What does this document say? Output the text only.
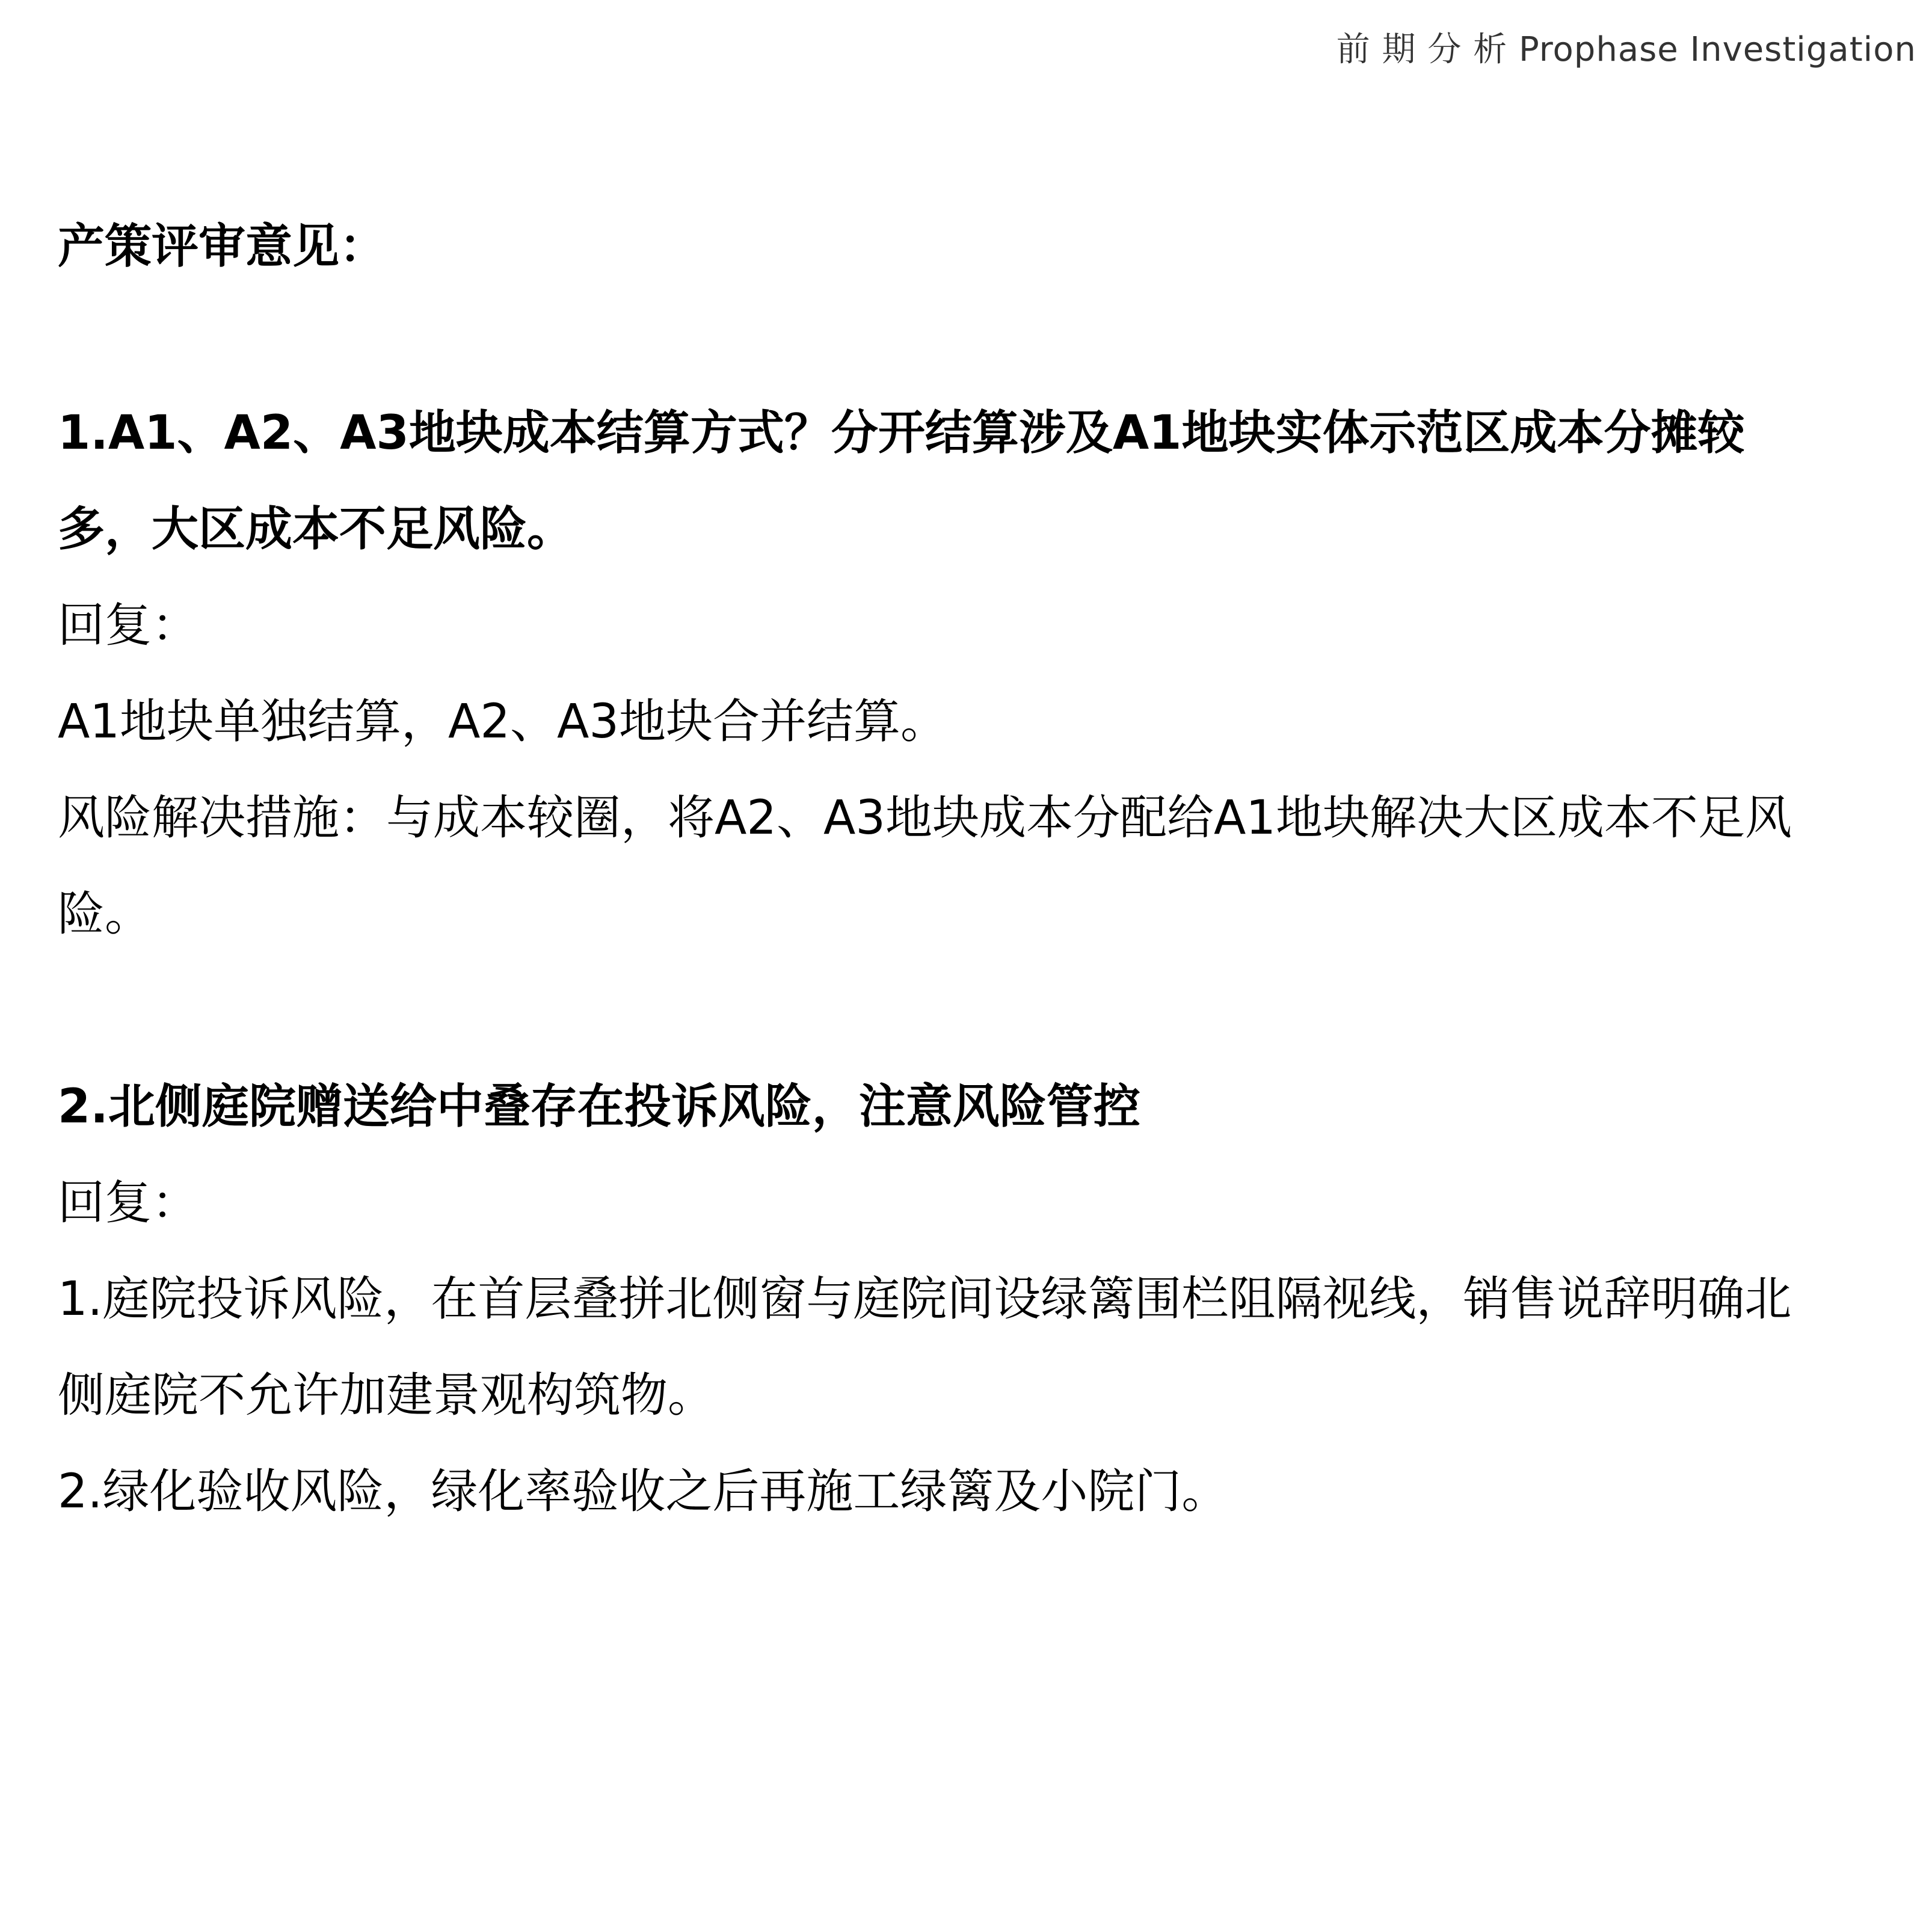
前 期 分 析 Prophase Investigation

产策评审意见：

1.A1、A2、A3地块成本结算方式？分开结算涉及A1地块实体示范区成本分摊较多，大区成本不足风险。

回复：

A1地块单独结算，A2、A3地块合并结算。

风险解决措施：与成本较圈，将A2、A3地块成本分配给A1地块解决大区成本不足风险。

2.北侧庭院赠送给中叠存在投诉风险，注意风险管控

回复：

1.庭院投诉风险，在首层叠拼北侧窗与庭院间设绿篱围栏阻隔视线，销售说辞明确北侧庭院不允许加建景观构筑物。

2.绿化验收风险，绿化率验收之后再施工绿篱及小院门。
